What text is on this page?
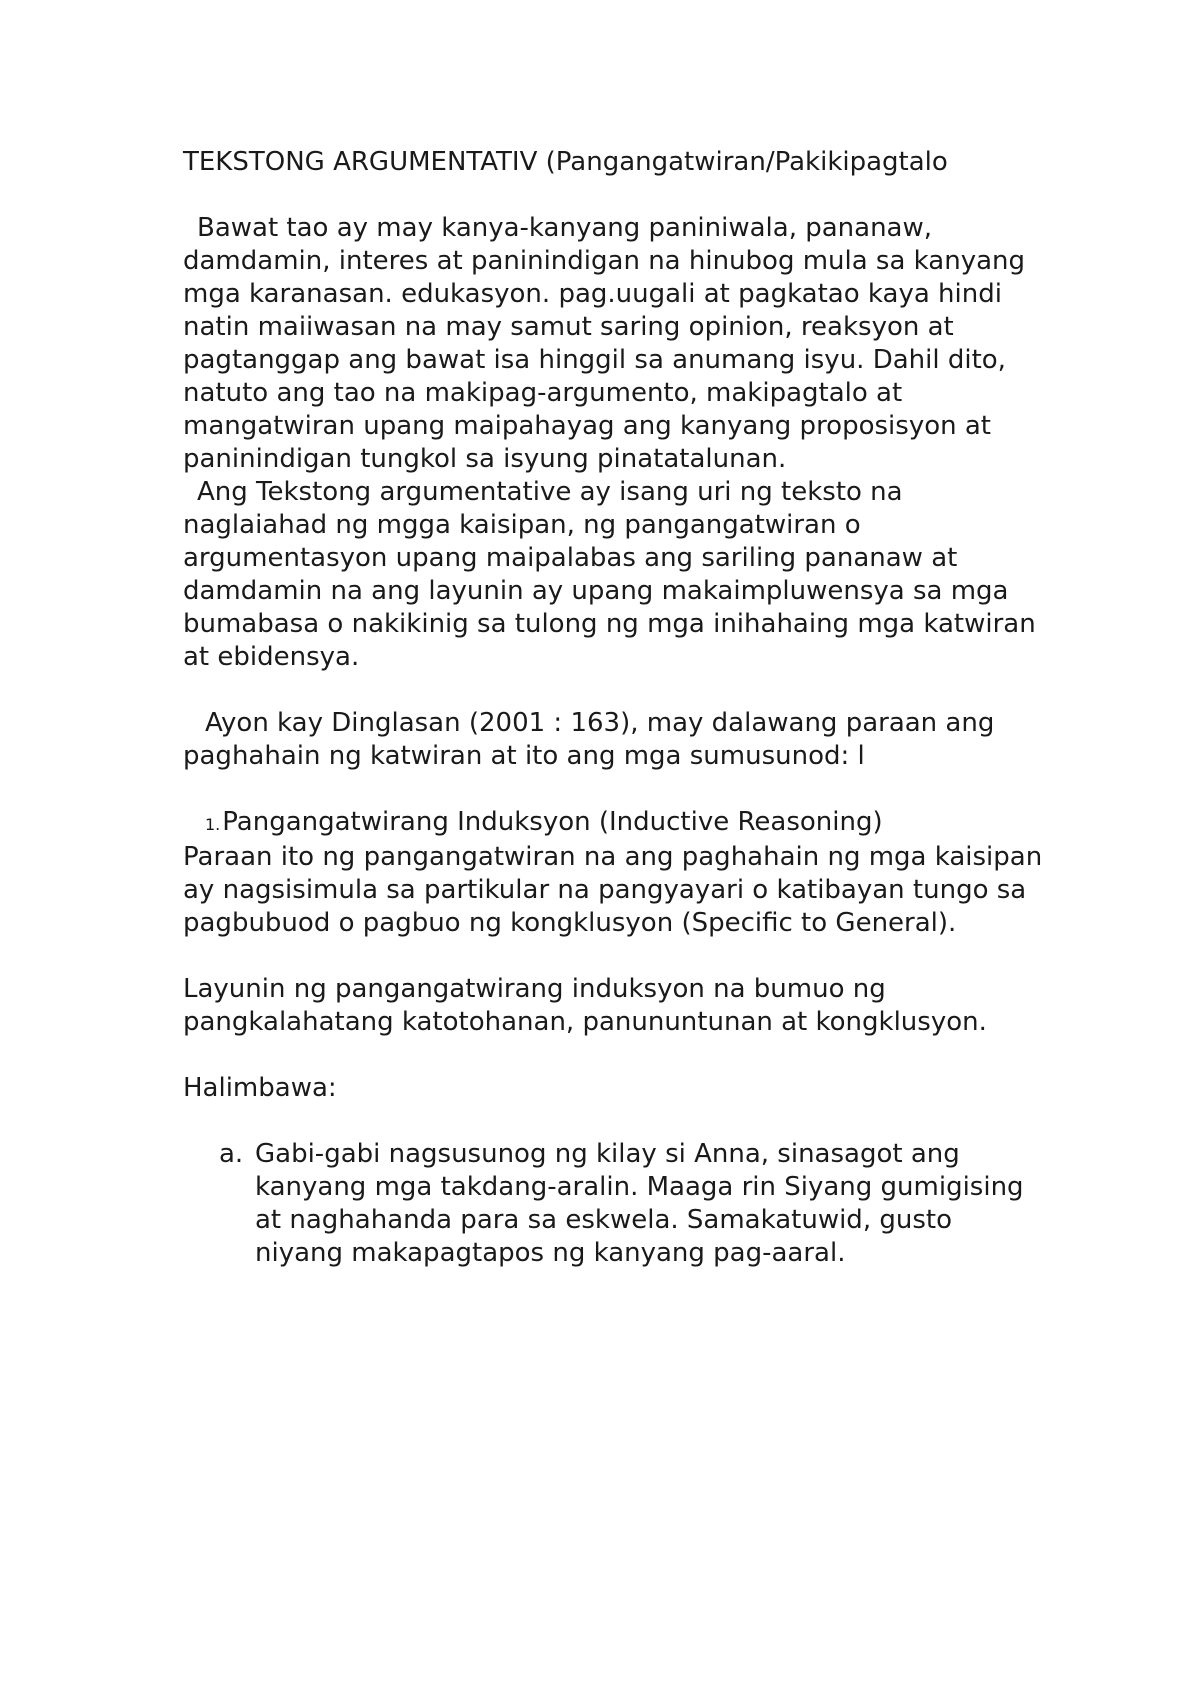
TEKSTONG ARGUMENTATIV (Pangangatwiran/Pakikipagtalo

Bawat tao ay may kanya-kanyang paniniwala, pananaw, damdamin, interes at paninindigan na hinubog mula sa kanyang mga karanasan. edukasyon. pag.uugali at pagkatao kaya hindi natin maiiwasan na may samut saring opinion, reaksyon at pagtanggap ang bawat isa hinggil sa anumang isyu. Dahil dito, natuto ang tao na makipag-argumento, makipagtalo at mangatwiran upang maipahayag ang kanyang proposisyon at paninindigan tungkol sa isyung pinatatalunan.

Ang Tekstong argumentative ay isang uri ng teksto na naglaiahad ng mgga kaisipan, ng pangangatwiran o argumentasyon upang maipalabas ang sariling pananaw at damdamin na ang layunin ay upang makaimpluwensya sa mga bumabasa o nakikinig sa tulong ng mga inihahaing mga katwiran at ebidensya.

Ayon kay Dinglasan (2001 : 163), may dalawang paraan ang paghahain ng katwiran at ito ang mga sumusunod: l

1.Pangangatwirang Induksyon (Inductive Reasoning)

Paraan ito ng pangangatwiran na ang paghahain ng mga kaisipan ay nagsisimula sa partikular na pangyayari o katibayan tungo sa pagbubuod o pagbuo ng kongklusyon (Specific to General).

Layunin ng pangangatwirang induksyon na bumuo ng pangkalahatang katotohanan, panununtunan at kongklusyon.

Halimbawa:

a. Gabi-gabi nagsusunog ng kilay si Anna, sinasagot ang kanyang mga takdang-aralin. Maaga rin Siyang gumigising at naghahanda para sa eskwela. Samakatuwid, gusto niyang makapagtapos ng kanyang pag-aaral.
